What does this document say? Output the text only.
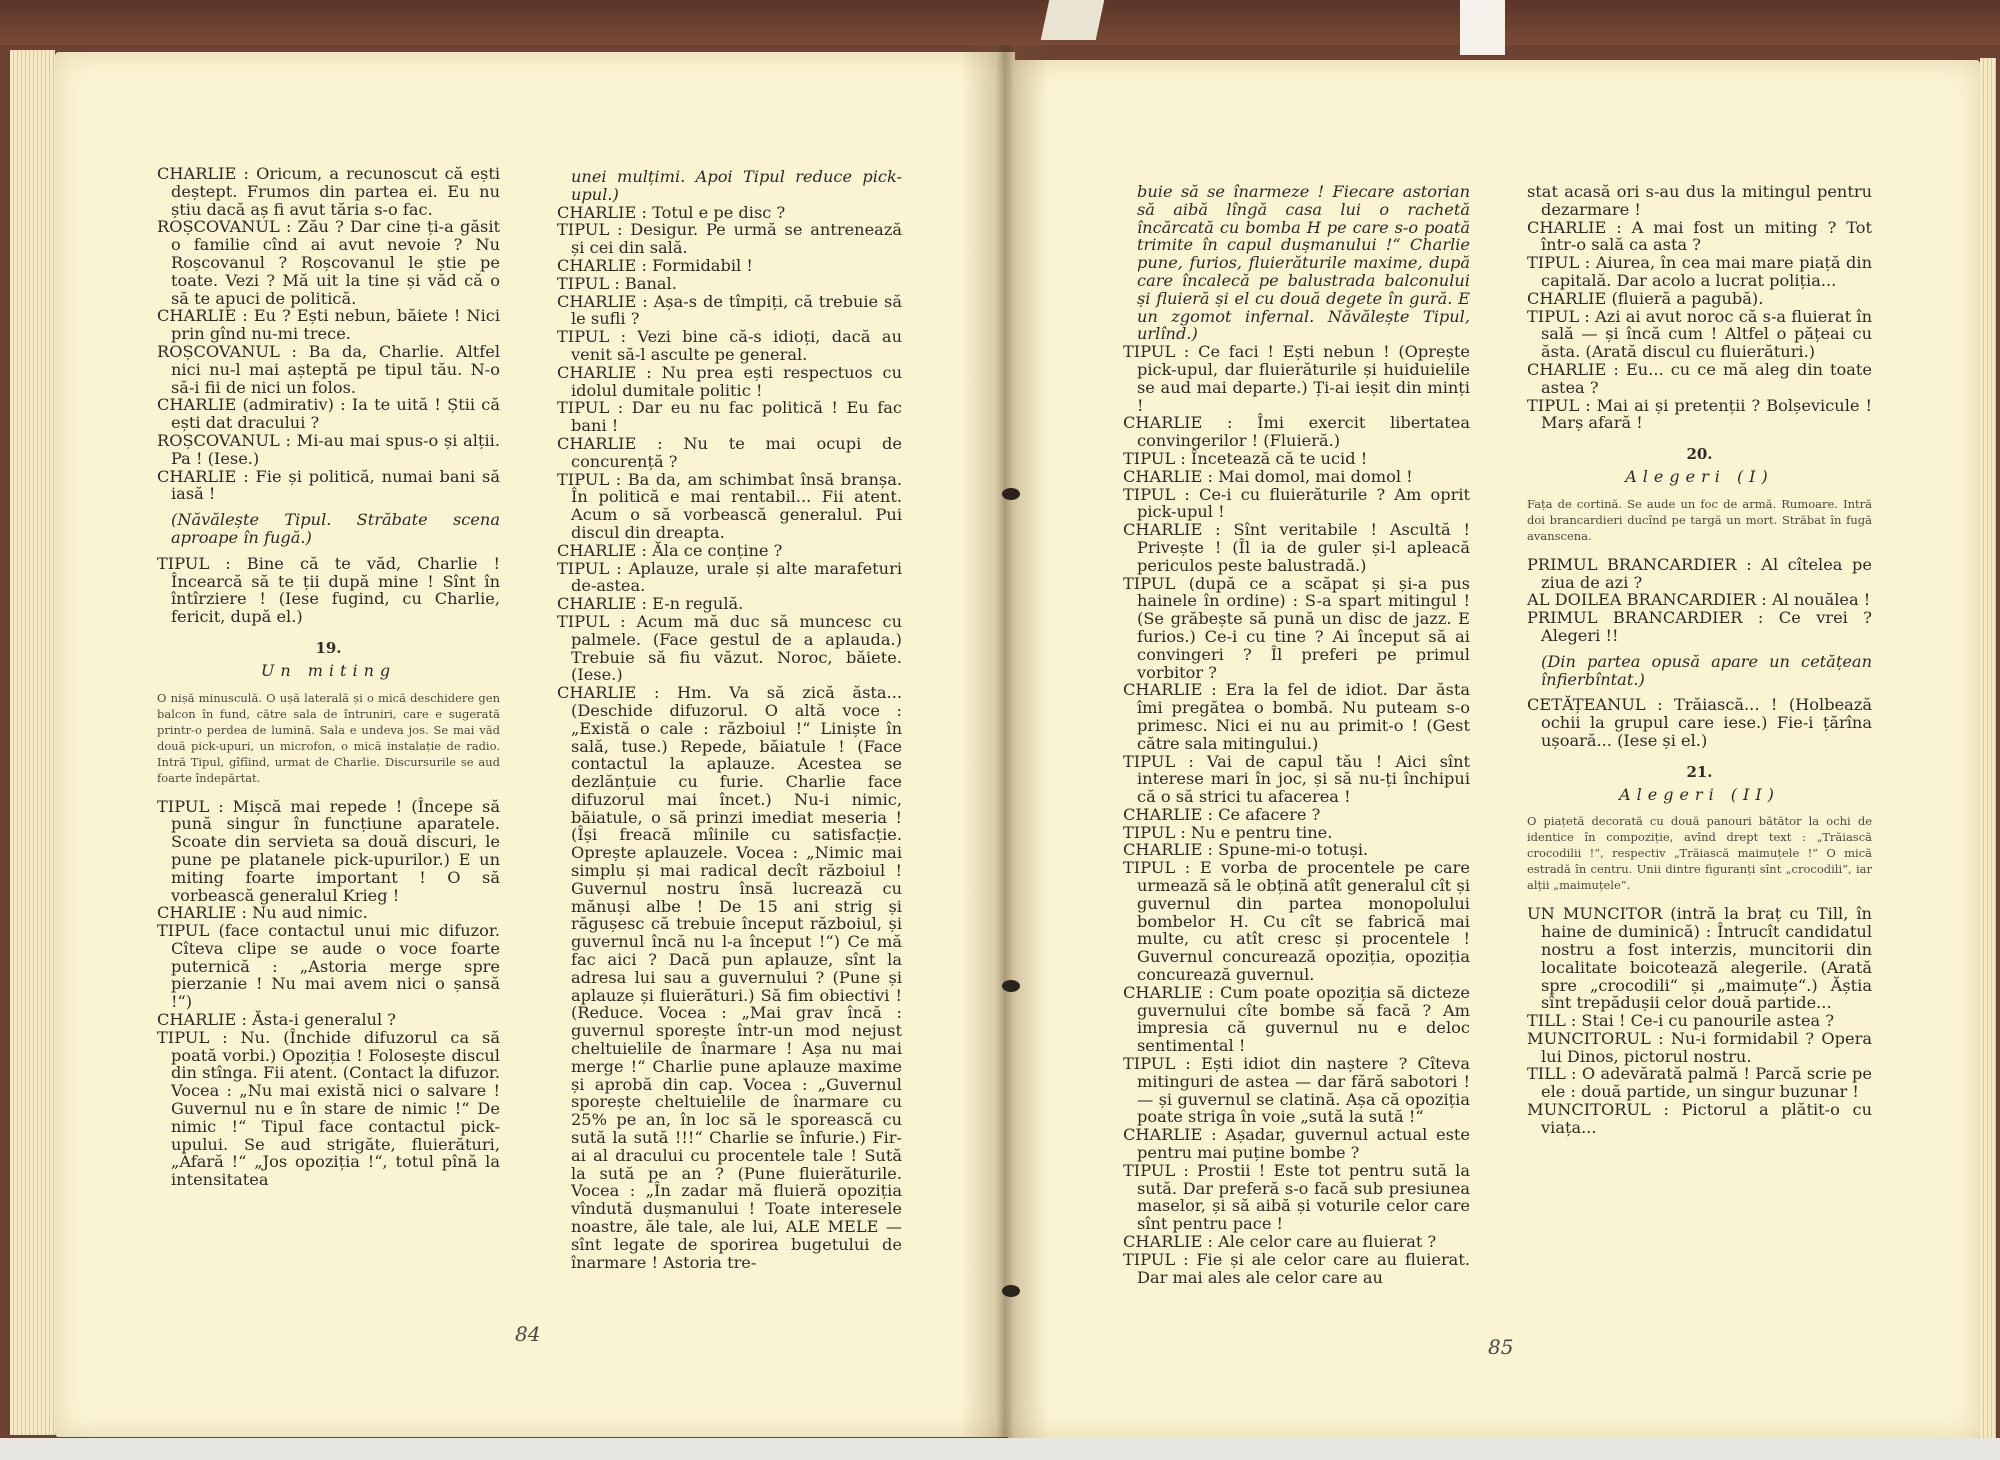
CHARLIE : Oricum, a recunoscut că ești deștept. Frumos din partea ei. Eu nu știu dacă aș fi avut tăria s-o fac.

ROȘCOVANUL : Zău ? Dar cine ți-a găsit o familie cînd ai avut nevoie ? Nu Roșcovanul ? Roșcovanul le știe pe toate. Vezi ? Mă uit la tine și văd că o să te apuci de politică.

CHARLIE : Eu ? Ești nebun, băiete ! Nici prin gînd nu-mi trece.

ROȘCOVANUL : Ba da, Charlie. Altfel nici nu-l mai așteptă pe tipul tău. N-o să-i fii de nici un folos.

CHARLIE (admirativ) : Ia te uită ! Știi că ești dat dracului ?

ROȘCOVANUL : Mi-au mai spus-o și alții. Pa ! (Iese.)

CHARLIE : Fie și politică, numai bani să iasă !

(Năvălește Tipul. Străbate scena aproape în fugă.)

TIPUL : Bine că te văd, Charlie ! Încearcă să te ții după mine ! Sînt în întîrziere ! (Iese fugind, cu Charlie, fericit, după el.)

19.

Un miting

O nișă minusculă. O ușă laterală și o mică deschidere gen balcon în fund, către sala de întruniri, care e sugerată printr-o perdea de lumină. Sala e undeva jos. Se mai văd două pick-upuri, un microfon, o mică instalație de radio. Intră Tipul, gîfîind, urmat de Charlie. Discursurile se aud foarte îndepărtat.

TIPUL : Mișcă mai repede ! (Începe să pună singur în funcțiune aparatele. Scoate din servieta sa două discuri, le pune pe platanele pick-upurilor.) E un miting foarte important ! O să vorbească generalul Krieg !

CHARLIE : Nu aud nimic.

TIPUL (face contactul unui mic difuzor. Cîteva clipe se aude o voce foarte puternică : „Astoria merge spre pierzanie ! Nu mai avem nici o șansă !“)

CHARLIE : Ăsta-i generalul ?

TIPUL : Nu. (Închide difuzorul ca să poată vorbi.) Opoziția ! Folosește discul din stînga. Fii atent. (Contact la difuzor. Vocea : „Nu mai există nici o salvare ! Guvernul nu e în stare de nimic !“ De nimic !“ Tipul face contactul pick-upului. Se aud strigăte, fluierături, „Afară !“ „Jos opoziția !“, totul pînă la intensitatea

unei mulțimi. Apoi Tipul reduce pick-upul.)

CHARLIE : Totul e pe disc ?

TIPUL : Desigur. Pe urmă se antrenează și cei din sală.

CHARLIE : Formidabil !

TIPUL : Banal.

CHARLIE : Așa-s de tîmpiți, că trebuie să le sufli ?

TIPUL : Vezi bine că-s idioți, dacă au venit să-l asculte pe general.

CHARLIE : Nu prea ești respectuos cu idolul dumitale politic !

TIPUL : Dar eu nu fac politică ! Eu fac bani !

CHARLIE : Nu te mai ocupi de concurență ?

TIPUL : Ba da, am schimbat însă branșa. În politică e mai rentabil... Fii atent. Acum o să vorbească generalul. Pui discul din dreapta.

CHARLIE : Ăla ce conține ?

TIPUL : Aplauze, urale și alte marafeturi de-astea.

CHARLIE : E-n regulă.

TIPUL : Acum mă duc să muncesc cu palmele. (Face gestul de a aplauda.) Trebuie să fiu văzut. Noroc, băiete. (Iese.)

CHARLIE : Hm. Va să zică ăsta... (Deschide difuzorul. O altă voce : „Există o cale : războiul !“ Liniște în sală, tuse.) Repede, băiatule ! (Face contactul la aplauze. Acestea se dezlănțuie cu furie. Charlie face difuzorul mai încet.) Nu-i nimic, băiatule, o să prinzi imediat meseria ! (Își freacă mîinile cu satisfacție. Oprește aplauzele. Vocea : „Nimic mai simplu și mai radical decît războiul ! Guvernul nostru însă lucrează cu mănuși albe ! De 15 ani strig și răgușesc că trebuie început războiul, și guvernul încă nu l-a început !“) Ce mă fac aici ? Dacă pun aplauze, sînt la adresa lui sau a guvernului ? (Pune și aplauze și fluierături.) Să fim obiectivi ! (Reduce. Vocea : „Mai grav încă : guvernul sporește într-un mod nejust cheltuielile de înarmare ! Așa nu mai merge !“ Charlie pune aplauze maxime și aprobă din cap. Vocea : „Guvernul sporește cheltuielile de înarmare cu 25% pe an, în loc să le sporească cu sută la sută !!!“ Charlie se înfurie.) Fir-ai al dracului cu procentele tale ! Sută la sută pe an ? (Pune fluierăturile. Vocea : „În zadar mă fluieră opoziția vîndută dușmanului ! Toate interesele noastre, ăle tale, ale lui, ALE MELE — sînt legate de sporirea bugetului de înarmare ! Astoria tre-

buie să se înarmeze ! Fiecare astorian să aibă lîngă casa lui o rachetă încărcată cu bomba H pe care s-o poată trimite în capul dușmanului !“ Charlie pune, furios, fluierăturile maxime, după care încalecă pe balustrada balconului și fluieră și el cu două degete în gură. E un zgomot infernal. Năvălește Tipul, urlînd.)

TIPUL : Ce faci ! Ești nebun ! (Oprește pick-upul, dar fluierăturile și huiduielile se aud mai departe.) Ți-ai ieșit din minți !

CHARLIE : Îmi exercit libertatea convingerilor ! (Fluieră.)

TIPUL : Încetează că te ucid !

CHARLIE : Mai domol, mai domol !

TIPUL : Ce-i cu fluierăturile ? Am oprit pick-upul !

CHARLIE : Sînt veritabile ! Ascultă ! Privește ! (Îl ia de guler și-l apleacă periculos peste balustradă.)

TIPUL (după ce a scăpat și și-a pus hainele în ordine) : S-a spart mitingul ! (Se grăbește să pună un disc de jazz. E furios.) Ce-i cu tine ? Ai început să ai convingeri ? Îl preferi pe primul vorbitor ?

CHARLIE : Era la fel de idiot. Dar ăsta îmi pregătea o bombă. Nu puteam s-o primesc. Nici ei nu au primit-o ! (Gest către sala mitingului.)

TIPUL : Vai de capul tău ! Aici sînt interese mari în joc, și să nu-ți închipui că o să strici tu afacerea !

CHARLIE : Ce afacere ?

TIPUL : Nu e pentru tine.

CHARLIE : Spune-mi-o totuși.

TIPUL : E vorba de procentele pe care urmează să le obțină atît generalul cît și guvernul din partea monopolului bombelor H. Cu cît se fabrică mai multe, cu atît cresc și procentele ! Guvernul concurează opoziția, opoziția concurează guvernul.

CHARLIE : Cum poate opoziția să dicteze guvernului cîte bombe să facă ? Am impresia că guvernul nu e deloc sentimental !

TIPUL : Ești idiot din naștere ? Cîteva mitinguri de astea — dar fără sabotori ! — și guvernul se clatină. Așa că opoziția poate striga în voie „sută la sută !“

CHARLIE : Așadar, guvernul actual este pentru mai puține bombe ?

TIPUL : Prostii ! Este tot pentru sută la sută. Dar preferă s-o facă sub presiunea maselor, și să aibă și voturile celor care sînt pentru pace !

CHARLIE : Ale celor care au fluierat ?

TIPUL : Fie și ale celor care au fluierat. Dar mai ales ale celor care au

stat acasă ori s-au dus la mitingul pentru dezarmare !

CHARLIE : A mai fost un miting ? Tot într-o sală ca asta ?

TIPUL : Aiurea, în cea mai mare piață din capitală. Dar acolo a lucrat poliția...

CHARLIE (fluieră a pagubă).

TIPUL : Azi ai avut noroc că s-a fluierat în sală — și încă cum ! Altfel o pățeai cu ăsta. (Arată discul cu fluierături.)

CHARLIE : Eu... cu ce mă aleg din toate astea ?

TIPUL : Mai ai și pretenții ? Bolșevicule ! Marș afară !

20.

Alegeri (I)

Fața de cortină. Se aude un foc de armă. Rumoare. Intră doi brancardieri ducînd pe targă un mort. Străbat în fugă avanscena.

PRIMUL BRANCARDIER : Al cîtelea pe ziua de azi ?

AL DOILEA BRANCARDIER : Al nouălea !

PRIMUL BRANCARDIER : Ce vrei ? Alegeri !!

(Din partea opusă apare un cetățean înfierbîntat.)

CETĂȚEANUL : Trăiască... ! (Holbează ochii la grupul care iese.) Fie-i țărîna ușoară... (Iese și el.)

21.

Alegeri (II)

O piațetă decorată cu două panouri bătător la ochi de identice în compoziție, avînd drept text : „Trăiască crocodilii !“, respectiv „Trăiască maimuțele !“ O mică estradă în centru. Unii dintre figuranți sînt „crocodili“, iar alții „maimuțele“.

UN MUNCITOR (intră la braț cu Till, în haine de duminică) : Întrucît candidatul nostru a fost interzis, muncitorii din localitate boicotează alegerile. (Arată spre „crocodili“ și „maimuțe“.) Ăștia sînt trepădușii celor două partide...

TILL : Stai ! Ce-i cu panourile astea ?

MUNCITORUL : Nu-i formidabil ? Opera lui Dinos, pictorul nostru.

TILL : O adevărată palmă ! Parcă scrie pe ele : două partide, un singur buzunar !

MUNCITORUL : Pictorul a plătit-o cu viața...

84
85
